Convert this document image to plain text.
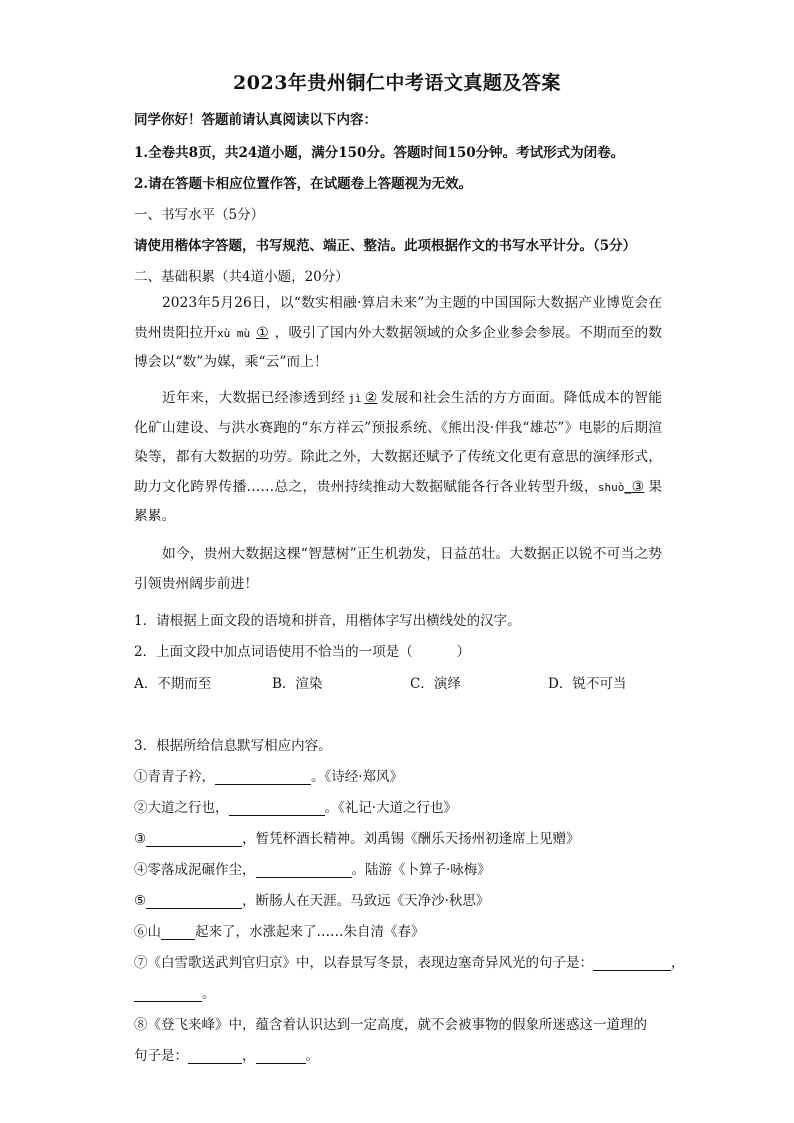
2023年贵州铜仁中考语文真题及答案
同学你好！答题前请认真阅读以下内容：
1.全卷共8页，共24道小题，满分150分。答题时间150分钟。考试形式为闭卷。
2.请在答题卡相应位置作答，在试题卷上答题视为无效。
一、书写水平（5分）
请使用楷体字答题，书写规范、端正、整洁。此项根据作文的书写水平计分。（5分）
二、基础积累（共4道小题，20分）
2023年5月26日，以“数实相融·算启未来”为主题的中国国际大数据产业博览会在贵州贵阳拉开xù mù ① ，吸引了国内外大数据领域的众多企业参会参展。不期而至的数博会以“数”为媒，乘“云”而上！
近年来，大数据已经渗透到经 jì ② 发展和社会生活的方方面面。降低成本的智能化矿山建设、与洪水赛跑的“东方祥云”预报系统、《熊出没·伴我“雄芯”》电影的后期渲染等，都有大数据的功劳。除此之外，大数据还赋予了传统文化更有意思的演绎形式，助力文化跨界传播……总之，贵州持续推动大数据赋能各行各业转型升级，shuò_③ 果累累。
如今，贵州大数据这棵“智慧树”正生机勃发，日益茁壮。大数据正以锐不可当之势引领贵州阔步前进！
1．请根据上面文段的语境和拼音，用楷体字写出横线处的汉字。
2．上面文段中加点词语使用不恰当的一项是（	）
A．不期而至	B．渲染	C．演绎	D．锐不可当
3．根据所给信息默写相应内容。
①青青子衿，	。《诗经·郑风》
②大道之行也，	。《礼记·大道之行也》
③	，暂凭杯酒长精神。刘禹锡《酬乐天扬州初逢席上见赠》
④零落成泥碾作尘，	。陆游《卜算子·咏梅》
⑤	，断肠人在天涯。马致远《天净沙·秋思》
⑥山	起来了，水涨起来了……朱自清《春》
⑦《白雪歌送武判官归京》中，以春景写冬景，表现边塞奇异风光的句子是：	，
。
⑧《登飞来峰》中，蕴含着认识达到一定高度，就不会被事物的假象所迷惑这一道理的
句子是：	，	。
